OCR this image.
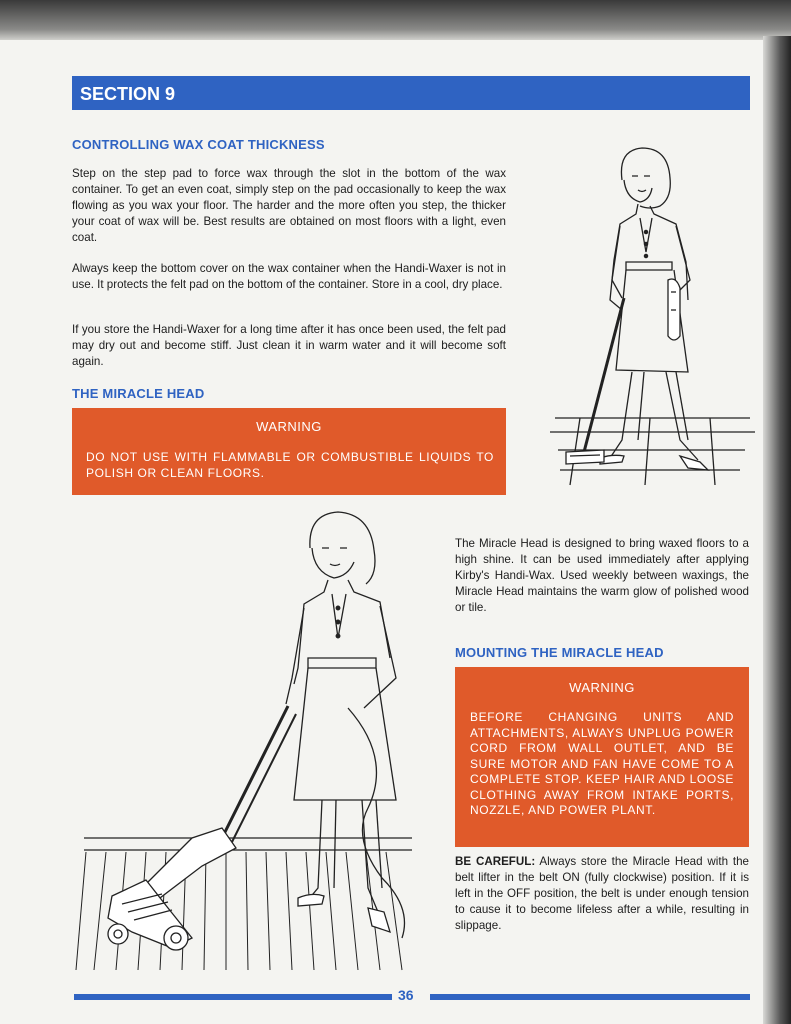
SECTION 9
CONTROLLING WAX COAT THICKNESS

Step on the step pad to force wax through the slot in the bottom of the wax container. To get an even coat, simply step on the pad occasionally to keep the wax flowing as you wax your floor. The harder and the more often you step, the thicker your coat of wax will be. Best results are obtained on most floors with a light, even coat.

Always keep the bottom cover on the wax container when the Handi-Waxer is not in use. It protects the felt pad on the bottom of the container. Store in a cool, dry place.

If you store the Handi-Waxer for a long time after it has once been used, the felt pad may dry out and become stiff. Just clean it in warm water and it will become soft again.

THE MIRACLE HEAD
WARNING
DO NOT USE WITH FLAMMABLE OR COMBUSTIBLE LIQUIDS TO POLISH OR CLEAN FLOORS.

The Miracle Head is designed to bring waxed floors to a high shine. It can be used immediately after applying Kirby's Handi-Wax. Used weekly between waxings, the Miracle Head maintains the warm glow of polished wood or tile.

MOUNTING THE MIRACLE HEAD
WARNING
BEFORE CHANGING UNITS AND ATTACHMENTS, ALWAYS UNPLUG POWER CORD FROM WALL OUTLET, AND BE SURE MOTOR AND FAN HAVE COME TO A COMPLETE STOP. KEEP HAIR AND LOOSE CLOTHING AWAY FROM INTAKE PORTS, NOZZLE, AND POWER PLANT.

BE CAREFUL: Always store the Miracle Head with the belt lifter in the belt ON (fully clockwise) position. If it is left in the OFF position, the belt is under enough tension to cause it to become lifeless after a while, resulting in slippage.

36
